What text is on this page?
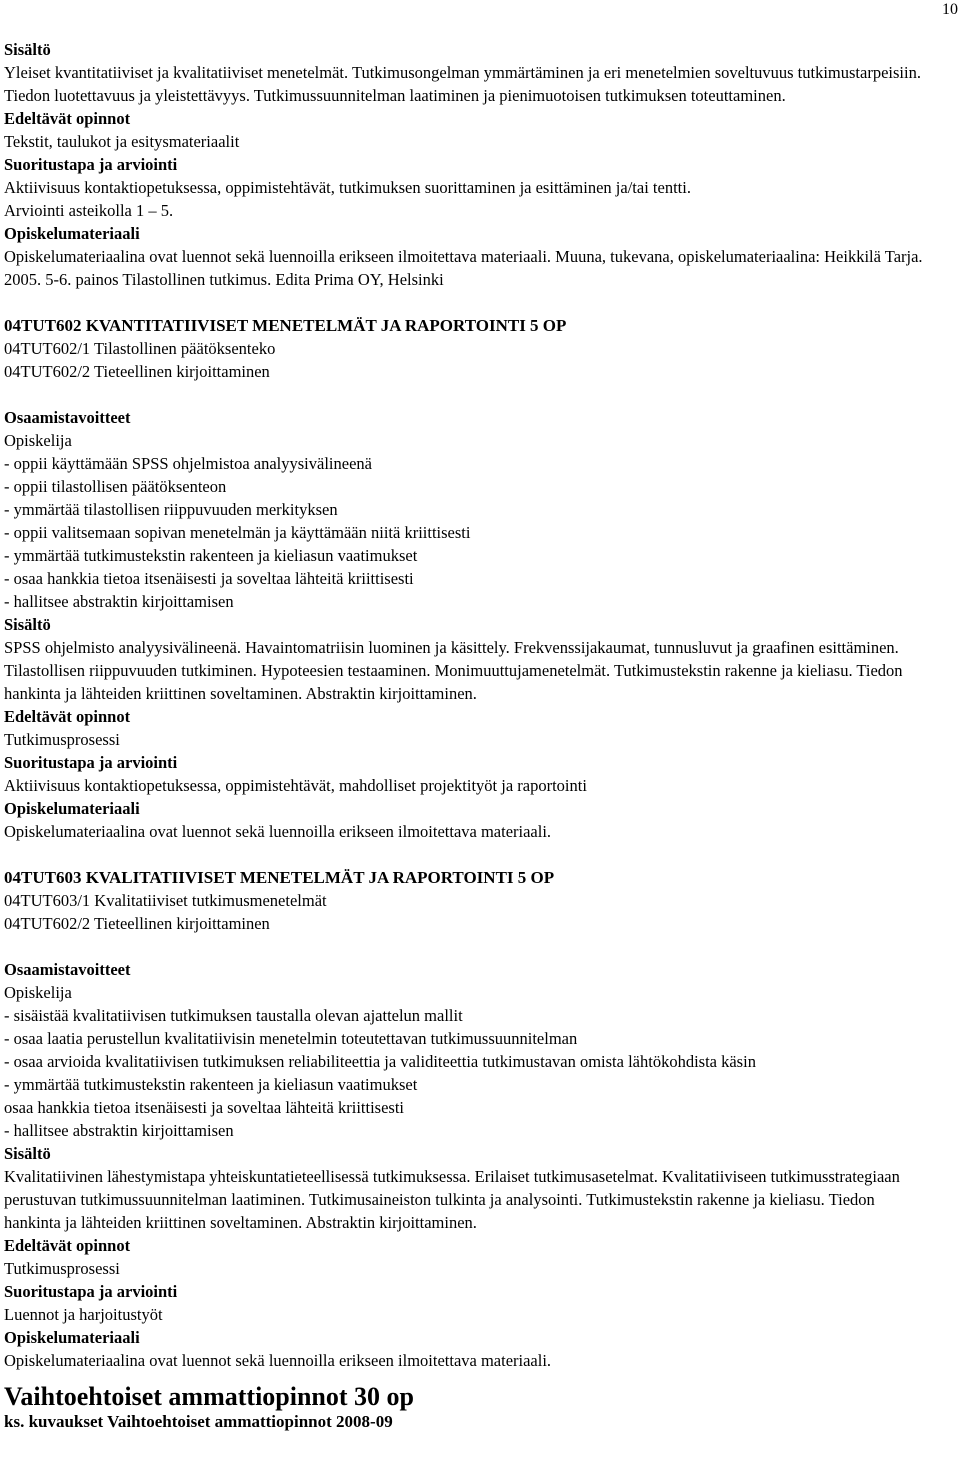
10
Sisältö
Yleiset kvantitatiiviset ja kvalitatiiviset menetelmät. Tutkimusongelman ymmärtäminen ja eri menetelmien soveltuvuus tutkimustarpeisiin. Tiedon luotettavuus ja yleistettävyys. Tutkimussuunnitelman laatiminen ja pienimuotoisen tutkimuksen toteuttaminen.
Edeltävät opinnot
Tekstit, taulukot ja esitysmateriaalit
Suoritustapa ja arviointi
Aktiivisuus kontaktiopetuksessa, oppimistehtävät, tutkimuksen suorittaminen ja esittäminen ja/tai tentti.
Arviointi asteikolla 1 – 5.
Opiskelumateriaali
Opiskelumateriaalina ovat luennot sekä luennoilla erikseen ilmoitettava materiaali. Muuna, tukevana, opiskelumateriaalina: Heikkilä Tarja. 2005. 5-6. painos Tilastollinen tutkimus. Edita Prima OY, Helsinki
04TUT602 KVANTITATIIVISET MENETELMÄT JA RAPORTOINTI 5 OP
04TUT602/1 Tilastollinen päätöksenteko
04TUT602/2 Tieteellinen kirjoittaminen
Osaamistavoitteet
Opiskelija
- oppii käyttämään SPSS ohjelmistoa analyysivälineenä
- oppii tilastollisen päätöksenteon
- ymmärtää tilastollisen riippuvuuden merkityksen
- oppii valitsemaan sopivan menetelmän ja käyttämään niitä kriittisesti
- ymmärtää tutkimustekstin rakenteen ja kieliasun vaatimukset
- osaa hankkia tietoa itsenäisesti ja soveltaa lähteitä kriittisesti
- hallitsee abstraktin kirjoittamisen
Sisältö
SPSS ohjelmisto analyysivälineenä. Havaintomatriisin luominen ja käsittely. Frekvenssijakaumat, tunnusluvut ja graafinen esittäminen. Tilastollisen riippuvuuden tutkiminen. Hypoteesien testaaminen. Monimuuttujamenetelmät. Tutkimustekstin rakenne ja kieliasu. Tiedon hankinta ja lähteiden kriittinen soveltaminen. Abstraktin kirjoittaminen.
Edeltävät opinnot
Tutkimusprosessi
Suoritustapa ja arviointi
Aktiivisuus kontaktiopetuksessa, oppimistehtävät, mahdolliset projektityöt ja raportointi
Opiskelumateriaali
Opiskelumateriaalina ovat luennot sekä luennoilla erikseen ilmoitettava materiaali.
04TUT603 KVALITATIIVISET MENETELMÄT JA RAPORTOINTI 5 OP
04TUT603/1 Kvalitatiiviset tutkimusmenetelmät
04TUT602/2 Tieteellinen kirjoittaminen
Osaamistavoitteet
Opiskelija
- sisäistää kvalitatiivisen tutkimuksen taustalla olevan ajattelun mallit
- osaa laatia perustellun kvalitatiivisin menetelmin toteutettavan tutkimussuunnitelman
- osaa arvioida kvalitatiivisen tutkimuksen reliabiliteettia ja validiteettia tutkimustavan omista lähtökohdista käsin
- ymmärtää tutkimustekstin rakenteen ja kieliasun vaatimukset
osaa hankkia tietoa itsenäisesti ja soveltaa lähteitä kriittisesti
- hallitsee abstraktin kirjoittamisen
Sisältö
Kvalitatiivinen lähestymistapa yhteiskuntatieteellisessä tutkimuksessa. Erilaiset tutkimusasetelmat. Kvalitatiiviseen tutkimusstrategiaan perustuvan tutkimussuunnitelman laatiminen. Tutkimusaineiston tulkinta ja analysointi. Tutkimustekstin rakenne ja kieliasu. Tiedon hankinta ja lähteiden kriittinen soveltaminen. Abstraktin kirjoittaminen.
Edeltävät opinnot
Tutkimusprosessi
Suoritustapa ja arviointi
Luennot ja harjoitustyöt
Opiskelumateriaali
Opiskelumateriaalina ovat luennot sekä luennoilla erikseen ilmoitettava materiaali.
Vaihtoehtoiset ammattiopinnot 30 op
ks. kuvaukset Vaihtoehtoiset ammattiopinnot 2008-09
